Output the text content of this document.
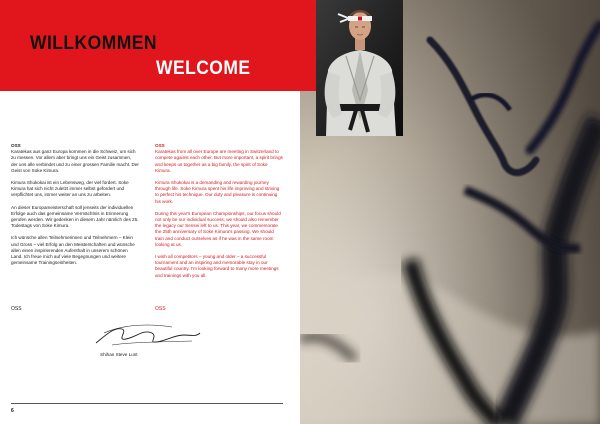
WILLKOMMEN
WELCOME

OSS

Karatekas aus ganz Europa kommen in die Schweiz, um sich zu messen. Vor allem aber bringt uns ein Geist zusammen, der uns alle verbindet und zu einer grossen Familie macht. Der Geist von Soke Kimura.

Kimura Shukokai ist ein Lebensweg, der viel fordert. Soke Kimura hat sich nicht zuletzt immer selbst gefordert und verpflichtet uns, immer weiter an uns zu arbeiten.

An dieser Europameisterschaft soll jenseits der individuellen Erfolge auch das gemeinsame Vermächtnis in Erinnerung gerufen werden. Wir gedenken in diesem Jahr nämlich des 25. Todestags von Soke Kimura.

Ich wünsche allen Teilnehmerinnen und Teilnehmern – Klein und Gross – viel Erfolg an den Meisterschaften und wünsche allen einen inspirierenden Aufenthalt in unserem schönen Land. Ich freue mich auf viele Begegnungen und weitere gemeinsame Trainingseinheiten.

OSS

OSS

Karatekas from all over Europe are meeting in Switzerland to compete against each other. But more important, a spirit brings and keeps us together as a big family, the spirit of Soke Kimura.

Kimura Shukokai is a demanding and rewarding journey through life. Soke Kimura spent his life improving and striving to perfect his technique. Our duty and pleasure is continuing his work.

During this year's European Championships, our focus should not only be our individual success, we should also remember the legacy our Sensei left to us. This year, we commemorate the 25th anniversary of Soke Kimura's passing. We should train and conduct ourselves as if he was in the same room looking at us.

I wish all competitors – young and older – a successful tournament and an inspiring and memorable stay in our beautiful country. I'm looking forward to many more meetings and trainings with you all.

OSS
Shihan Steve Lunt
6
